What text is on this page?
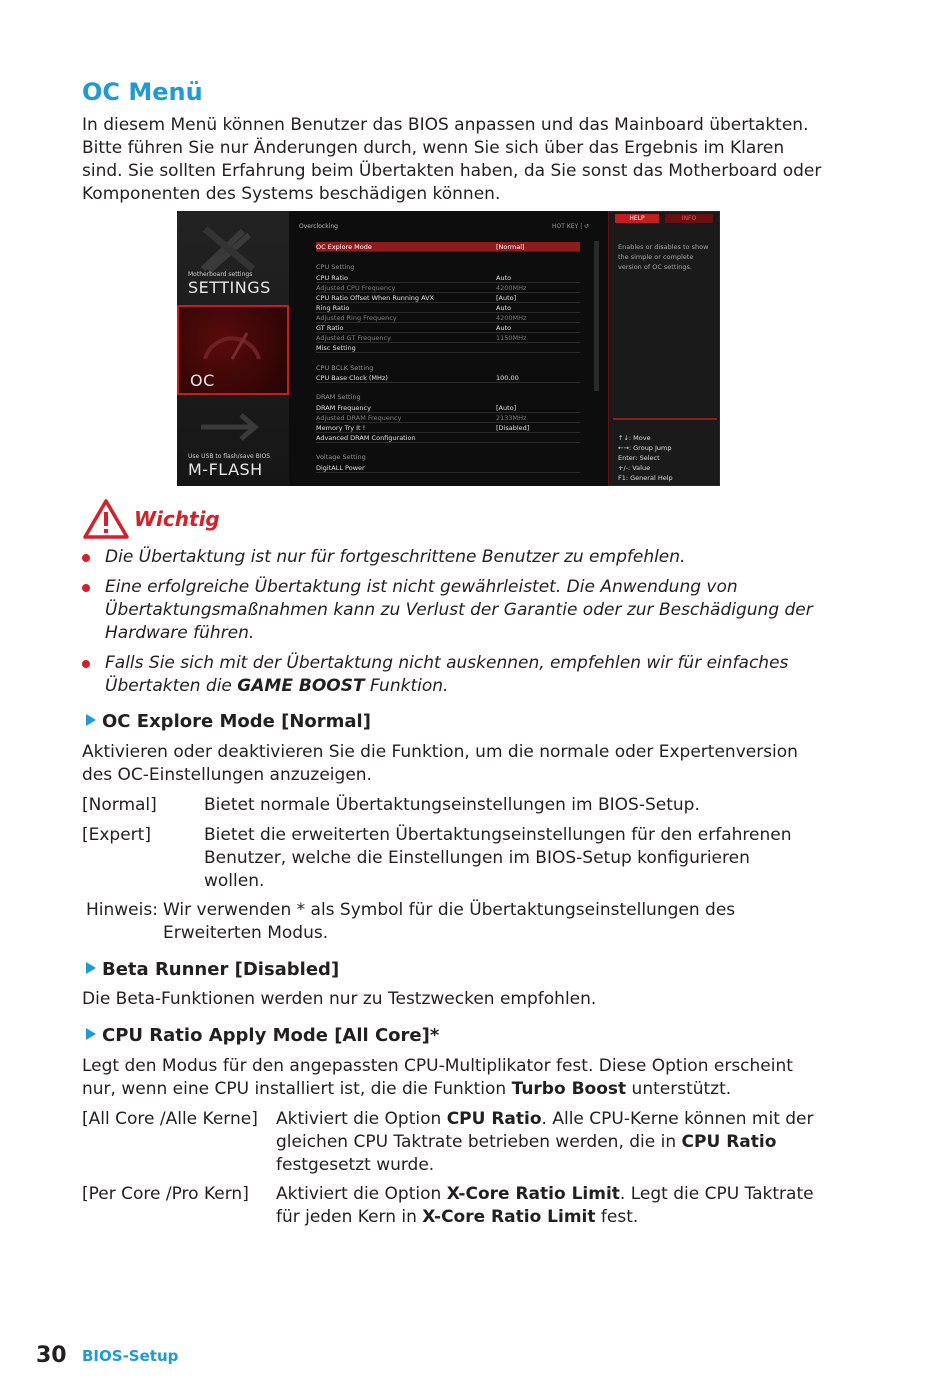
OC Menü
In diesem Menü können Benutzer das BIOS anpassen und das Mainboard übertakten. Bitte führen Sie nur Änderungen durch, wenn Sie sich über das Ergebnis im Klaren sind. Sie sollten Erfahrung beim Übertakten haben, da Sie sonst das Motherboard oder Komponenten des Systems beschädigen können.
Motherboard settings
SETTINGS
OC
Use USB to flash/save BIOS
M-FLASH
Overclocking	HOT KEY | ↺
OC Explore Mode	[Normal]
CPU Setting
CPU Ratio	Auto
Adjusted CPU Frequency	4200MHz
CPU Ratio Offset When Running AVX	[Auto]
Ring Ratio	Auto
Adjusted Ring Frequency	4200MHz
GT Ratio	Auto
Adjusted GT Frequency	1150MHz
Misc Setting
CPU BCLK Setting
CPU Base Clock (MHz)	100.00
DRAM Setting
DRAM Frequency	[Auto]
Adjusted DRAM Frequency	2133MHz
Memory Try It !	[Disabled]
Advanced DRAM Configuration
Voltage Setting
DigitALL Power
HELP	INFO
Enables or disables to show the simple or complete version of OC settings.
↑↓: Move
←→: Group Jump
Enter: Select
+/-: Value
F1: General Help
Wichtig
Die Übertaktung ist nur für fortgeschrittene Benutzer zu empfehlen.
Eine erfolgreiche Übertaktung ist nicht gewährleistet. Die Anwendung von Übertaktungsmaßnahmen kann zu Verlust der Garantie oder zur Beschädigung der Hardware führen.
Falls Sie sich mit der Übertaktung nicht auskennen, empfehlen wir für einfaches Übertakten die GAME BOOST Funktion.
OC Explore Mode [Normal]
Aktivieren oder deaktivieren Sie die Funktion, um die normale oder Expertenversion des OC-Einstellungen anzuzeigen.
[Normal]	Bietet normale Übertaktungseinstellungen im BIOS-Setup.
[Expert]	Bietet die erweiterten Übertaktungseinstellungen für den erfahrenen Benutzer, welche die Einstellungen im BIOS-Setup konfigurieren wollen.
Hinweis: Wir verwenden * als Symbol für die Übertaktungseinstellungen des Erweiterten Modus.
Beta Runner [Disabled]
Die Beta-Funktionen werden nur zu Testzwecken empfohlen.
CPU Ratio Apply Mode [All Core]*
Legt den Modus für den angepassten CPU-Multiplikator fest. Diese Option erscheint nur, wenn eine CPU installiert ist, die die Funktion Turbo Boost unterstützt.
[All Core /Alle Kerne] Aktiviert die Option CPU Ratio. Alle CPU-Kerne können mit der gleichen CPU Taktrate betrieben werden, die in CPU Ratio festgesetzt wurde.
[Per Core /Pro Kern] Aktiviert die Option X-Core Ratio Limit. Legt die CPU Taktrate für jeden Kern in X-Core Ratio Limit fest.
30 BIOS-Setup
